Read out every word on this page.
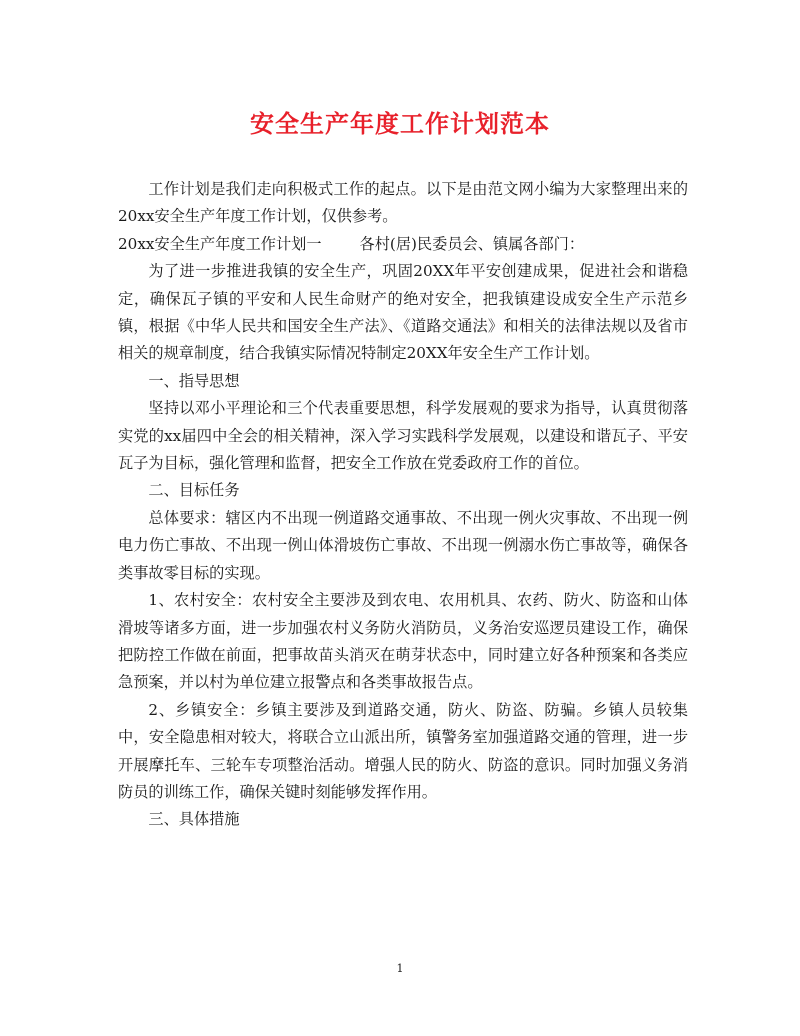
安全生产年度工作计划范本

工作计划是我们走向积极式工作的起点。以下是由范文网小编为大家整理出来的20xx安全生产年度工作计划，仅供参考。

20xx安全生产年度工作计划一	各村(居)民委员会、镇属各部门：

为了进一步推进我镇的安全生产，巩固20XX年平安创建成果，促进社会和谐稳定，确保瓦子镇的平安和人民生命财产的绝对安全，把我镇建设成安全生产示范乡镇，根据《中华人民共和国安全生产法》、《道路交通法》和相关的法律法规以及省市相关的规章制度，结合我镇实际情况特制定20XX年安全生产工作计划。

一、指导思想

坚持以邓小平理论和三个代表重要思想，科学发展观的要求为指导，认真贯彻落实党的xx届四中全会的相关精神，深入学习实践科学发展观，以建设和谐瓦子、平安瓦子为目标，强化管理和监督，把安全工作放在党委政府工作的首位。

二、目标任务

总体要求：辖区内不出现一例道路交通事故、不出现一例火灾事故、不出现一例电力伤亡事故、不出现一例山体滑坡伤亡事故、不出现一例溺水伤亡事故等，确保各类事故零目标的实现。

1、农村安全：农村安全主要涉及到农电、农用机具、农药、防火、防盗和山体滑坡等诸多方面，进一步加强农村义务防火消防员，义务治安巡逻员建设工作，确保把防控工作做在前面，把事故苗头消灭在萌芽状态中，同时建立好各种预案和各类应急预案，并以村为单位建立报警点和各类事故报告点。

2、乡镇安全：乡镇主要涉及到道路交通，防火、防盗、防骗。乡镇人员较集中，安全隐患相对较大，将联合立山派出所，镇警务室加强道路交通的管理，进一步开展摩托车、三轮车专项整治活动。增强人民的防火、防盗的意识。同时加强义务消防员的训练工作，确保关键时刻能够发挥作用。

三、具体措施

1
